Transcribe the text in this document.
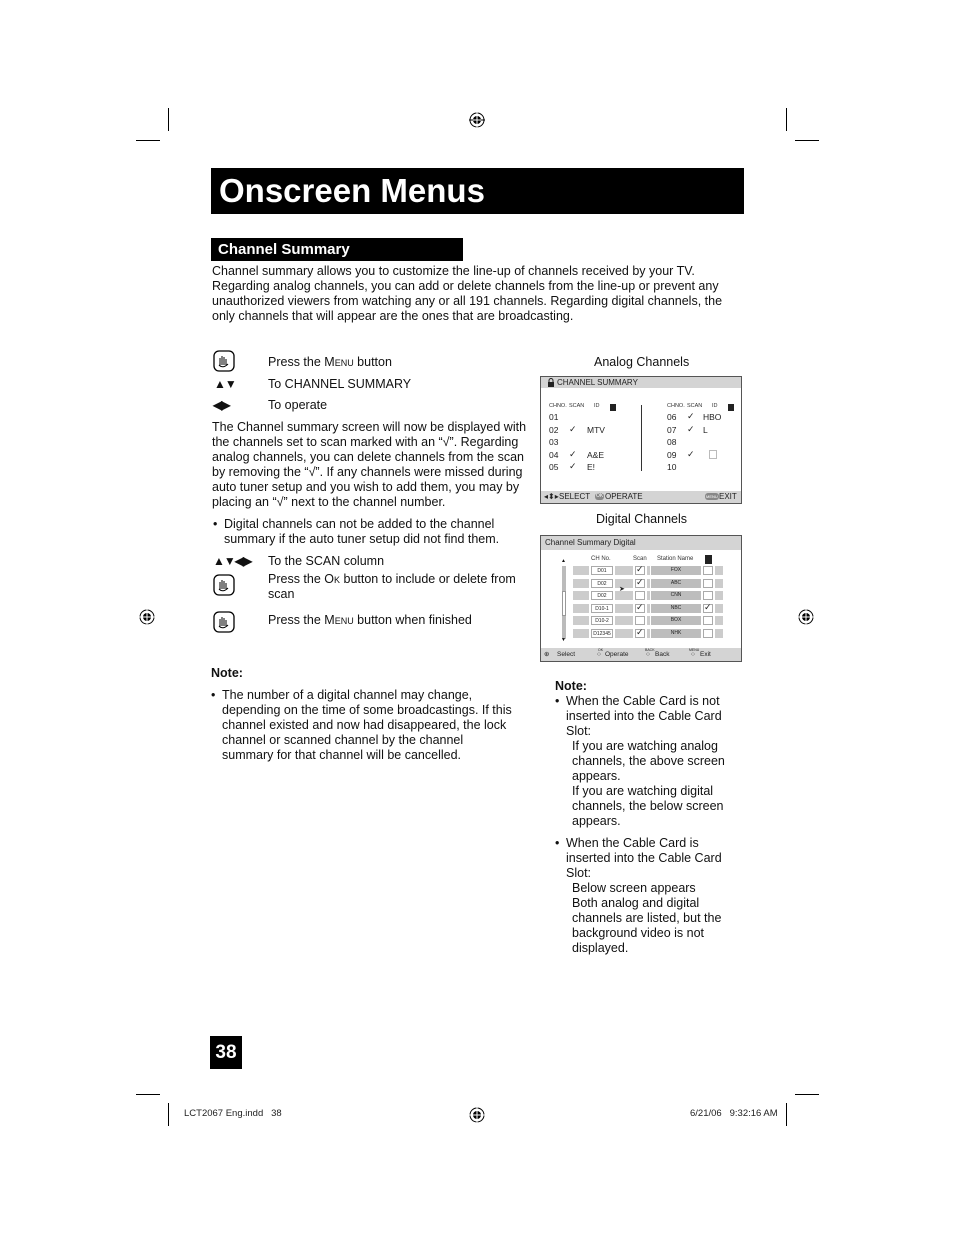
Onscreen Menus
Channel Summary
Channel summary allows you to customize the line-up of channels received by your TV. Regarding analog channels, you can add or delete channels from the line-up or prevent any unauthorized viewers from watching any or all 191 channels. Regarding digital channels, the only channels that will appear are the ones that are broadcasting.
Press the Menu button
▲▼	To CHANNEL SUMMARY
◀▶	To operate
The Channel summary screen will now be displayed with the channels set to scan marked with an “√”. Regarding analog channels, you can delete channels from the scan by removing the “√”. If any channels were missed during auto tuner setup and you wish to add them, you may by placing an “√” next to the channel number.
• Digital channels can not be added to the channel summary if the auto tuner setup did not find them.
▲▼◀▶ To the SCAN column
Press the Ok button to include or delete from scan
Press the Menu button when finished
Note:
• The number of a digital channel may change, depending on the time of some broadcastings. If this channel existed and now had disappeared, the lock channel or scanned channel by the channel summary for that channel will be cancelled.
Analog Channels
CHANNEL SUMMARY
CHNO. SCAN ID
01
02 ✓ MTV
03
04 ✓ A&E
05 ✓ E!
CHNO. SCAN ID
06 ✓ HBO
07 ✓ L
08
09 ✓
10
◂⬍▸ SELECT OK OPERATE	MENU EXIT
Digital Channels
Channel Summary Digital
CH No.	Scan Station Name
▲
▼
D01	✓	FOX
D02	✓	ABC
D02	CNN
D10-1	✓	NBC	✓
D10-2	BOX
D12345	✓	NHK
➤
⊕ Select
OK
○ Operate
BACK
○ Back
MENU
○ Exit
Note:
• When the Cable Card is not inserted into the Cable Card Slot:
If you are watching analog channels, the above screen appears.
If you are watching digital channels, the below screen appears.
• When the Cable Card is inserted into the Cable Card Slot:
Below screen appears
Both analog and digital channels are listed, but the background video is not displayed.
38
LCT2067 Eng.indd   38	6/21/06   9:32:16 AM
